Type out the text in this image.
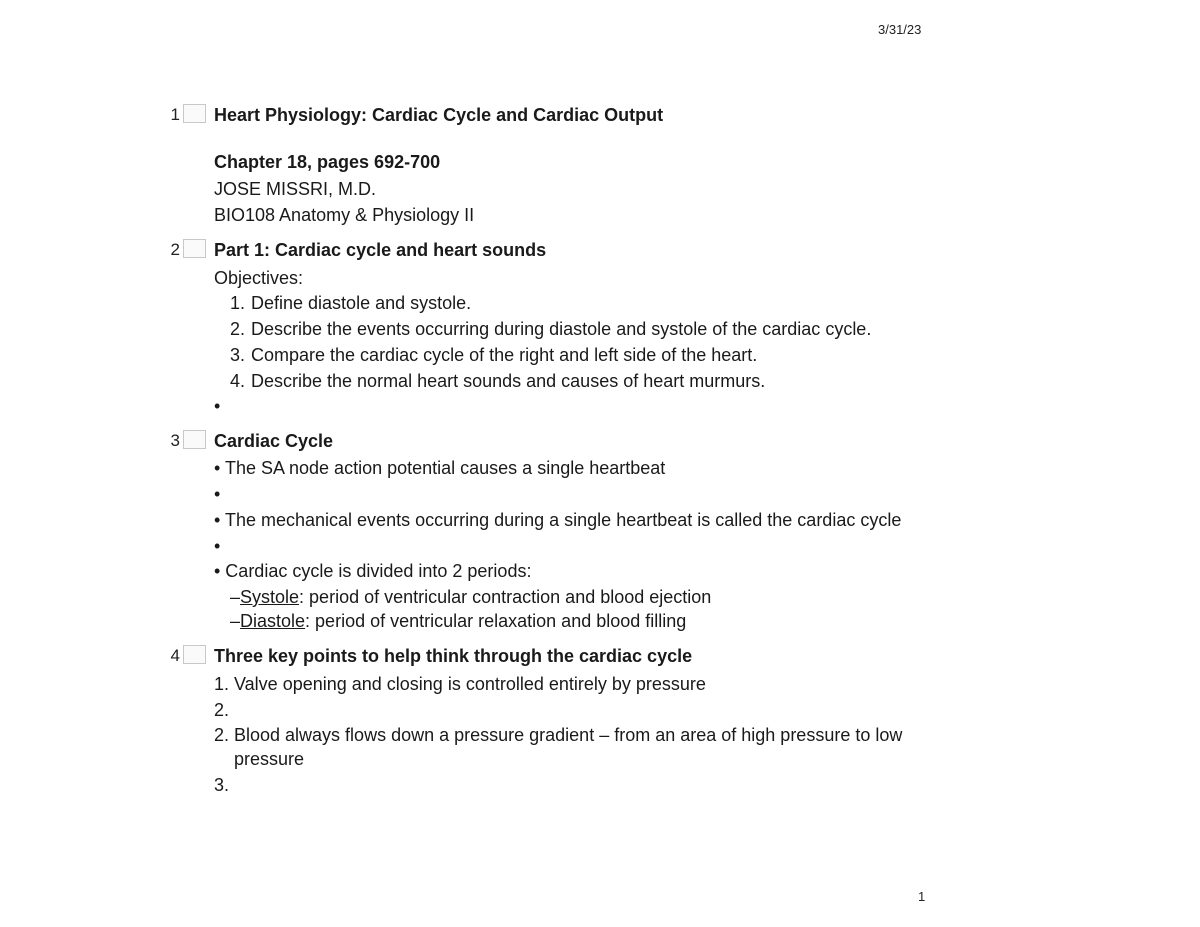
3/31/23
1 Heart Physiology: Cardiac Cycle and Cardiac Output
Chapter 18, pages 692-700
JOSE MISSRI, M.D.
BIO108 Anatomy & Physiology II
2 Part 1: Cardiac cycle and heart sounds
Objectives:
1. Define diastole and systole.
2. Describe the events occurring during diastole and systole of the cardiac cycle.
3. Compare the cardiac cycle of the right and left side of the heart.
4. Describe the normal heart sounds and causes of heart murmurs.
•
3 Cardiac Cycle
• The SA node action potential causes a single heartbeat
•
• The mechanical events occurring during a single heartbeat is called the cardiac cycle
•
• Cardiac cycle is divided into 2 periods:
–Systole: period of ventricular contraction and blood ejection
–Diastole: period of ventricular relaxation and blood filling
4 Three key points to help think through the cardiac cycle
1. Valve opening and closing is controlled entirely by pressure
2.
2. Blood always flows down a pressure gradient – from an area of high pressure to low
pressure
3.
1
